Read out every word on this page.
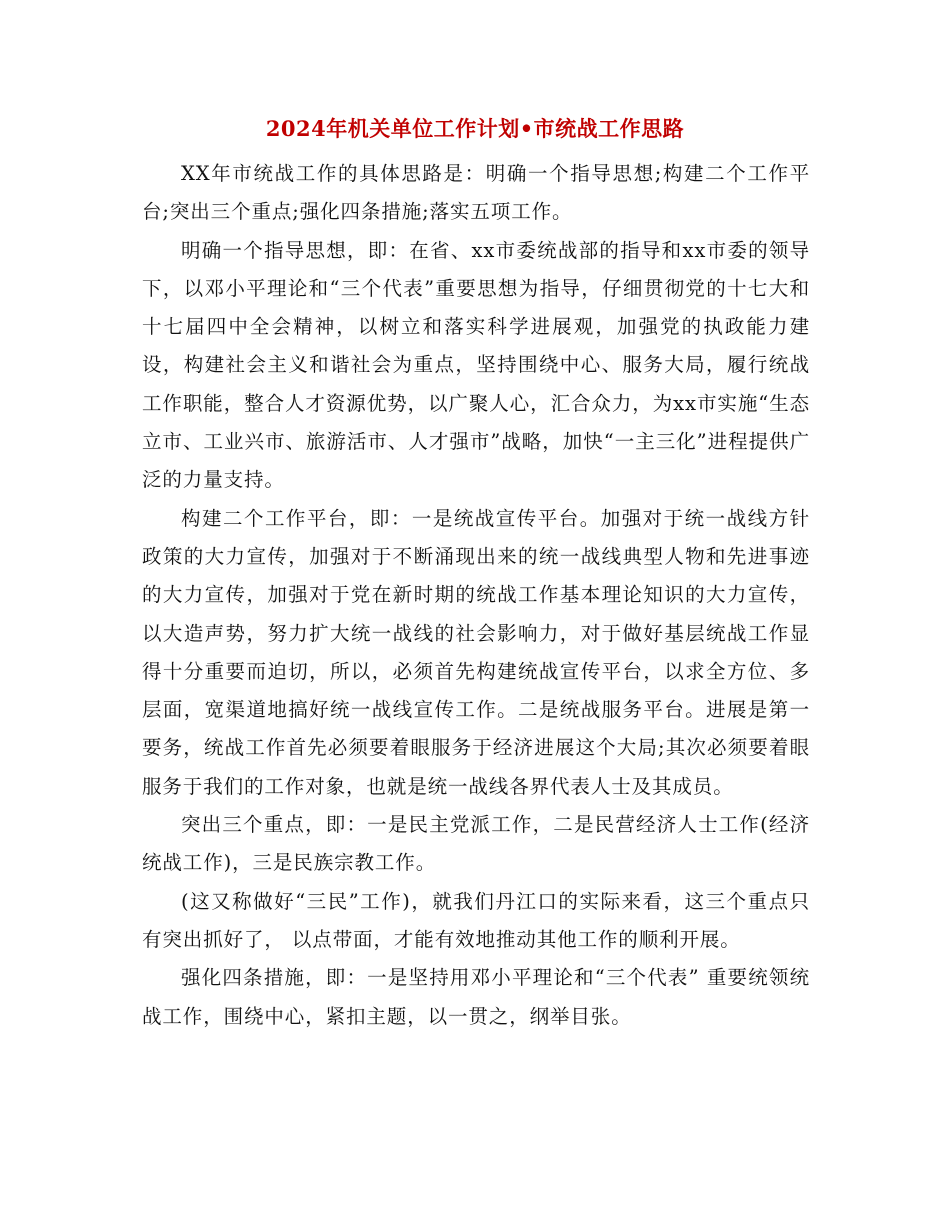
2024年机关单位工作计划•市统战工作思路

XX年市统战工作的具体思路是：明确一个指导思想;构建二个工作平台;突出三个重点;强化四条措施;落实五项工作。

明确一个指导思想，即：在省、xx市委统战部的指导和xx市委的领导下，以邓小平理论和“三个代表”重要思想为指导，仔细贯彻党的十七大和十七届四中全会精神，以树立和落实科学进展观，加强党的执政能力建设，构建社会主义和谐社会为重点，坚持围绕中心、服务大局，履行统战工作职能，整合人才资源优势，以广聚人心，汇合众力，为xx市实施“生态立市、工业兴市、旅游活市、人才强市”战略，加快“一主三化”进程提供广泛的力量支持。

构建二个工作平台，即：一是统战宣传平台。加强对于统一战线方针政策的大力宣传，加强对于不断涌现出来的统一战线典型人物和先进事迹的大力宣传，加强对于党在新时期的统战工作基本理论知识的大力宣传，以大造声势，努力扩大统一战线的社会影响力，对于做好基层统战工作显得十分重要而迫切，所以，必须首先构建统战宣传平台，以求全方位、多层面，宽渠道地搞好统一战线宣传工作。二是统战服务平台。进展是第一要务，统战工作首先必须要着眼服务于经济进展这个大局;其次必须要着眼服务于我们的工作对象，也就是统一战线各界代表人士及其成员。

突出三个重点，即：一是民主党派工作，二是民营经济人士工作(经济统战工作)，三是民族宗教工作。

(这又称做好“三民”工作)，就我们丹江口的实际来看，这三个重点只有突出抓好了， 以点带面，才能有效地推动其他工作的顺利开展。

强化四条措施，即：一是坚持用邓小平理论和“三个代表” 重要统领统战工作，围绕中心，紧扣主题，以一贯之，纲举目张。
